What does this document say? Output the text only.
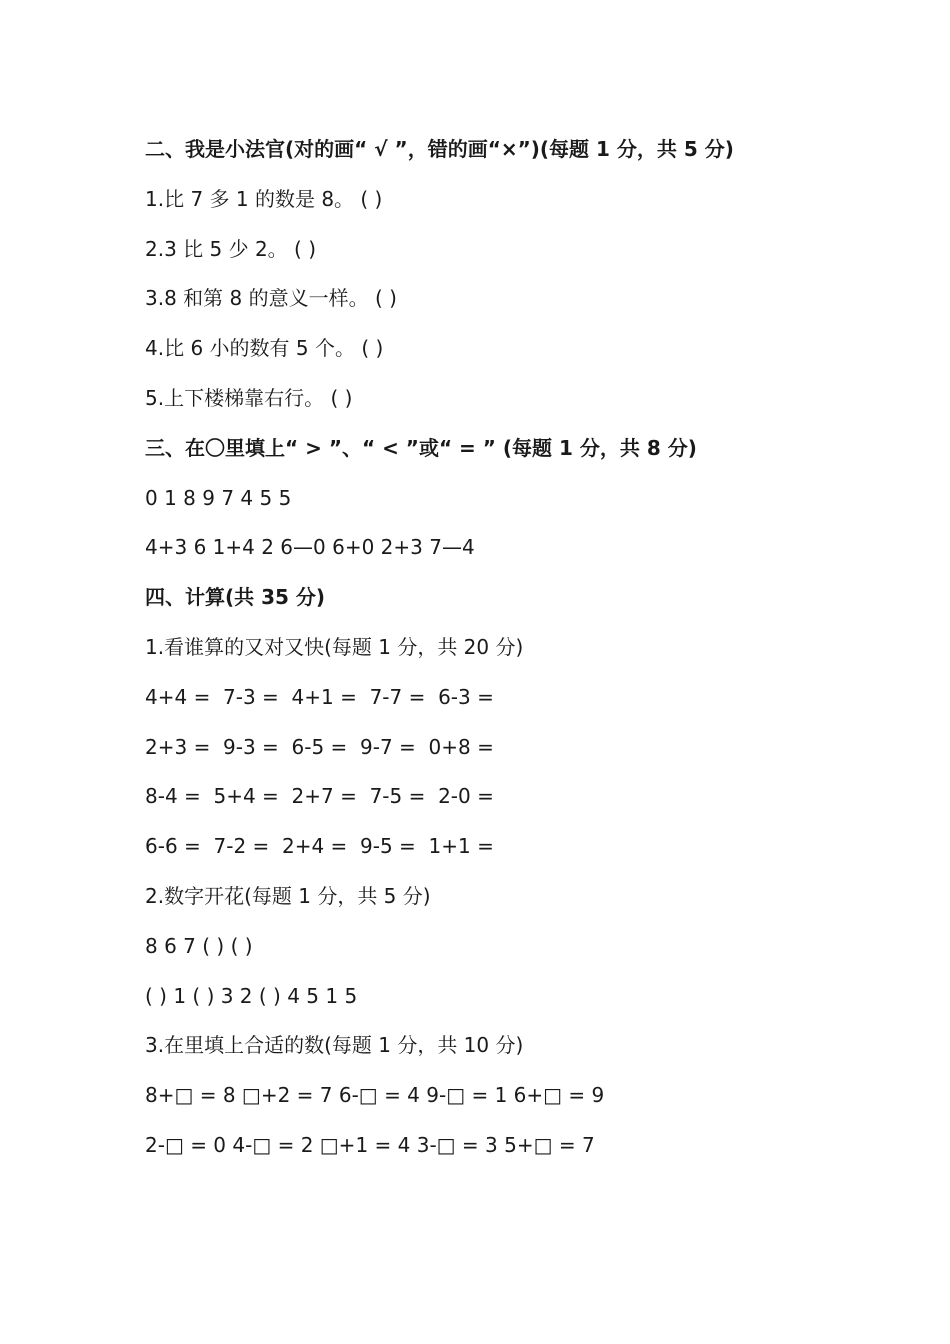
二、我是小法官(对的画“ √ ”，错的画“×”)(每题 1 分，共 5 分)
1.比 7 多 1 的数是 8。 ( )
2.3 比 5 少 2。 ( )
3.8 和第 8 的意义一样。 ( )
4.比 6 小的数有 5 个。 ( )
5.上下楼梯靠右行。 ( )
三、在〇里填上“ > ”、“ < ”或“ = ” (每题 1 分，共 8 分)
0 1 8 9 7 4 5 5
4+3 6 1+4 2 6—0 6+0 2+3 7—4
四、计算(共 35 分)
1.看谁算的又对又快(每题 1 分，共 20 分)
4+4 =  7-3 =  4+1 =  7-7 =  6-3 =
2+3 =  9-3 =  6-5 =  9-7 =  0+8 =
8-4 =  5+4 =  2+7 =  7-5 =  2-0 =
6-6 =  7-2 =  2+4 =  9-5 =  1+1 =
2.数字开花(每题 1 分，共 5 分)
8 6 7 ( ) ( )
( ) 1 ( ) 3 2 ( ) 4 5 1 5
3.在里填上合适的数(每题 1 分，共 10 分)
8+□ = 8 □+2 = 7 6-□ = 4 9-□ = 1 6+□ = 9
2-□ = 0 4-□ = 2 □+1 = 4 3-□ = 3 5+□ = 7
